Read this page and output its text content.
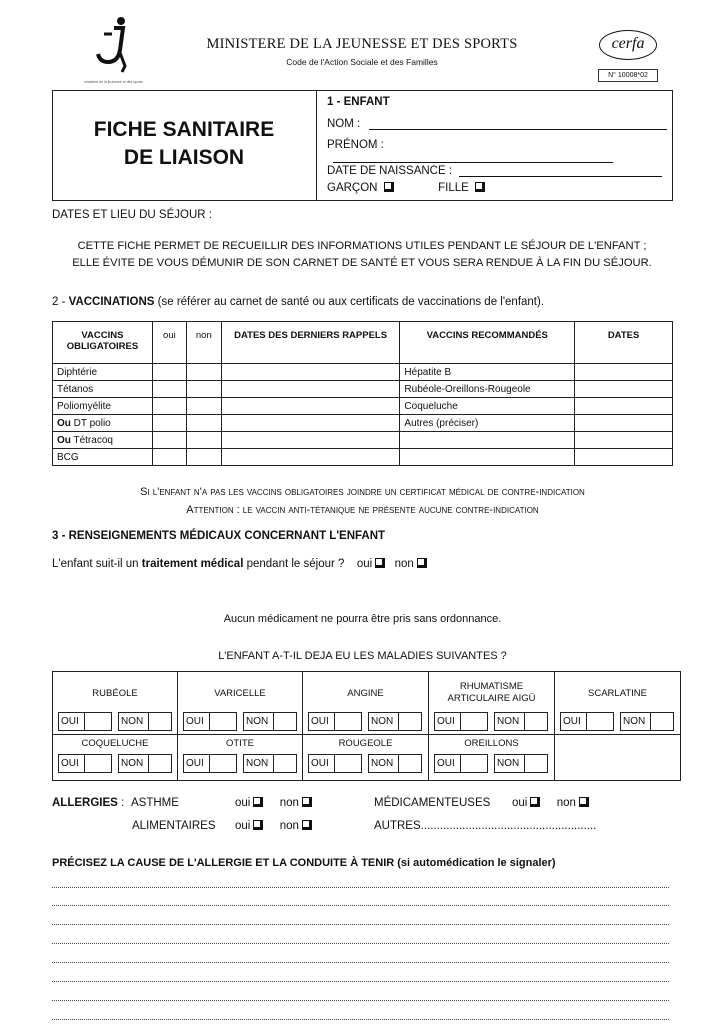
ministère de la jeunesse et des sports
MINISTERE DE LA JEUNESSE ET DES SPORTS
Code de l'Action Sociale et des Familles
cerfa
N° 10008*02
FICHE SANITAIRE
DE LIAISON
1 - ENFANT
NOM :
PRÉNOM :
DATE DE NAISSANCE :
GARÇON	FILLE
DATES ET LIEU DU SÉJOUR :
CETTE FICHE PERMET DE RECUEILLIR DES INFORMATIONS UTILES PENDANT LE SÉJOUR DE L'ENFANT ;
ELLE ÉVITE DE VOUS DÉMUNIR DE SON CARNET DE SANTÉ ET VOUS SERA RENDUE À LA FIN DU SÉJOUR.
2 - VACCINATIONS (se référer au carnet de santé ou aux certificats de vaccinations de l'enfant).
VACCINS OBLIGATOIRES	oui	non	DATES DES DERNIERS RAPPELS	VACCINS RECOMMANDÉS	DATES
Diphtérie				Hépatite B	
Tétanos				Rubéole-Oreillons-Rougeole	
Poliomyélite				Coqueluche	
Ou DT polio				Autres (préciser)	
Ou Tétracoq					
BCG					
Si l'enfant n'a pas les vaccins obligatoires joindre un certificat médical de contre-indication
Attention : le vaccin anti-tétanique ne présente aucune contre-indication
3 - RENSEIGNEMENTS MÉDICAUX CONCERNANT L'ENFANT
L'enfant suit-il un traitement médical pendant le séjour ? oui non
Aucun médicament ne pourra être pris sans ordonnance.
L'ENFANT A-T-IL DEJA EU LES MALADIES SUIVANTES ?
RUBÉOLE
OUI	NON
VARICELLE
OUI	NON
ANGINE
OUI	NON
RHUMATISME ARTICULAIRE AIGÜ
OUI	NON
SCARLATINE
OUI	NON
COQUELUCHE
OUI	NON
OTITE
OUI	NON
ROUGEOLE
OUI	NON
OREILLONS
OUI	NON
ALLERGIES : ASTHME	oui	non	MÉDICAMENTEUSES oui	non
ALIMENTAIRES oui	non	AUTRES.......................................................
PRÉCISEZ LA CAUSE DE L'ALLERGIE ET LA CONDUITE À TENIR (si automédication le signaler)
